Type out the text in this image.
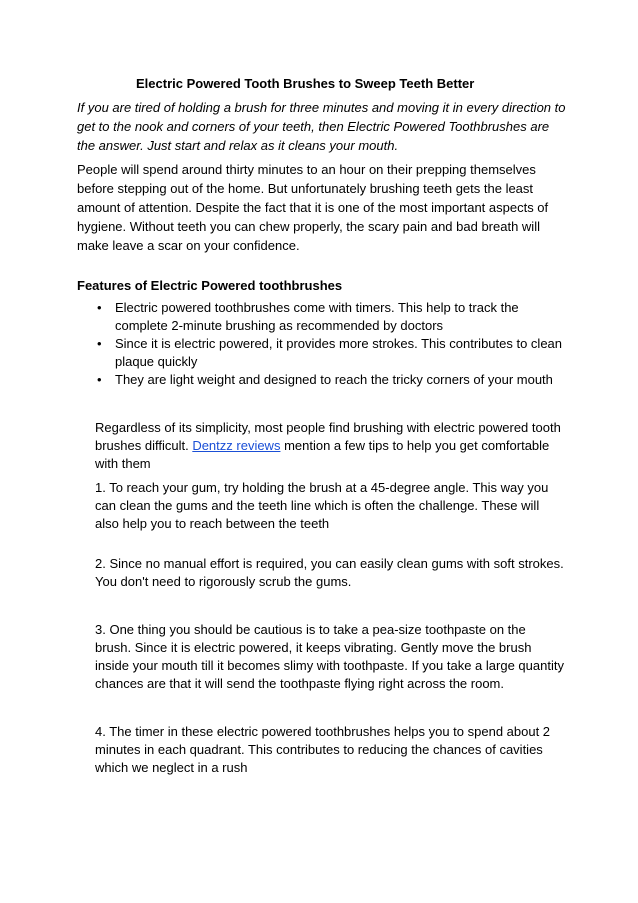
Electric Powered Tooth Brushes to Sweep Teeth Better
If you are tired of holding a brush for three minutes and moving it in every direction to
get to the nook and corners of your teeth, then Electric Powered Toothbrushes are
the answer. Just start and relax as it cleans your mouth.
People will spend around thirty minutes to an hour on their prepping themselves
before stepping out of the home. But unfortunately brushing teeth gets the least
amount of attention. Despite the fact that it is one of the most important aspects of
hygiene. Without teeth you can chew properly, the scary pain and bad breath will
make leave a scar on your confidence.
Features of Electric Powered toothbrushes
• Electric powered toothbrushes come with timers. This help to track the
complete 2-minute brushing as recommended by doctors
• Since it is electric powered, it provides more strokes. This contributes to clean
plaque quickly
• They are light weight and designed to reach the tricky corners of your mouth
Regardless of its simplicity, most people find brushing with electric powered tooth
brushes difficult. Dentzz reviews mention a few tips to help you get comfortable
with them
1. To reach your gum, try holding the brush at a 45-degree angle. This way you
can clean the gums and the teeth line which is often the challenge. These will
also help you to reach between the teeth
2. Since no manual effort is required, you can easily clean gums with soft strokes.
You don't need to rigorously scrub the gums.
3. One thing you should be cautious is to take a pea-size toothpaste on the
brush. Since it is electric powered, it keeps vibrating. Gently move the brush
inside your mouth till it becomes slimy with toothpaste. If you take a large quantity
chances are that it will send the toothpaste flying right across the room.
4. The timer in these electric powered toothbrushes helps you to spend about 2
minutes in each quadrant. This contributes to reducing the chances of cavities
which we neglect in a rush
